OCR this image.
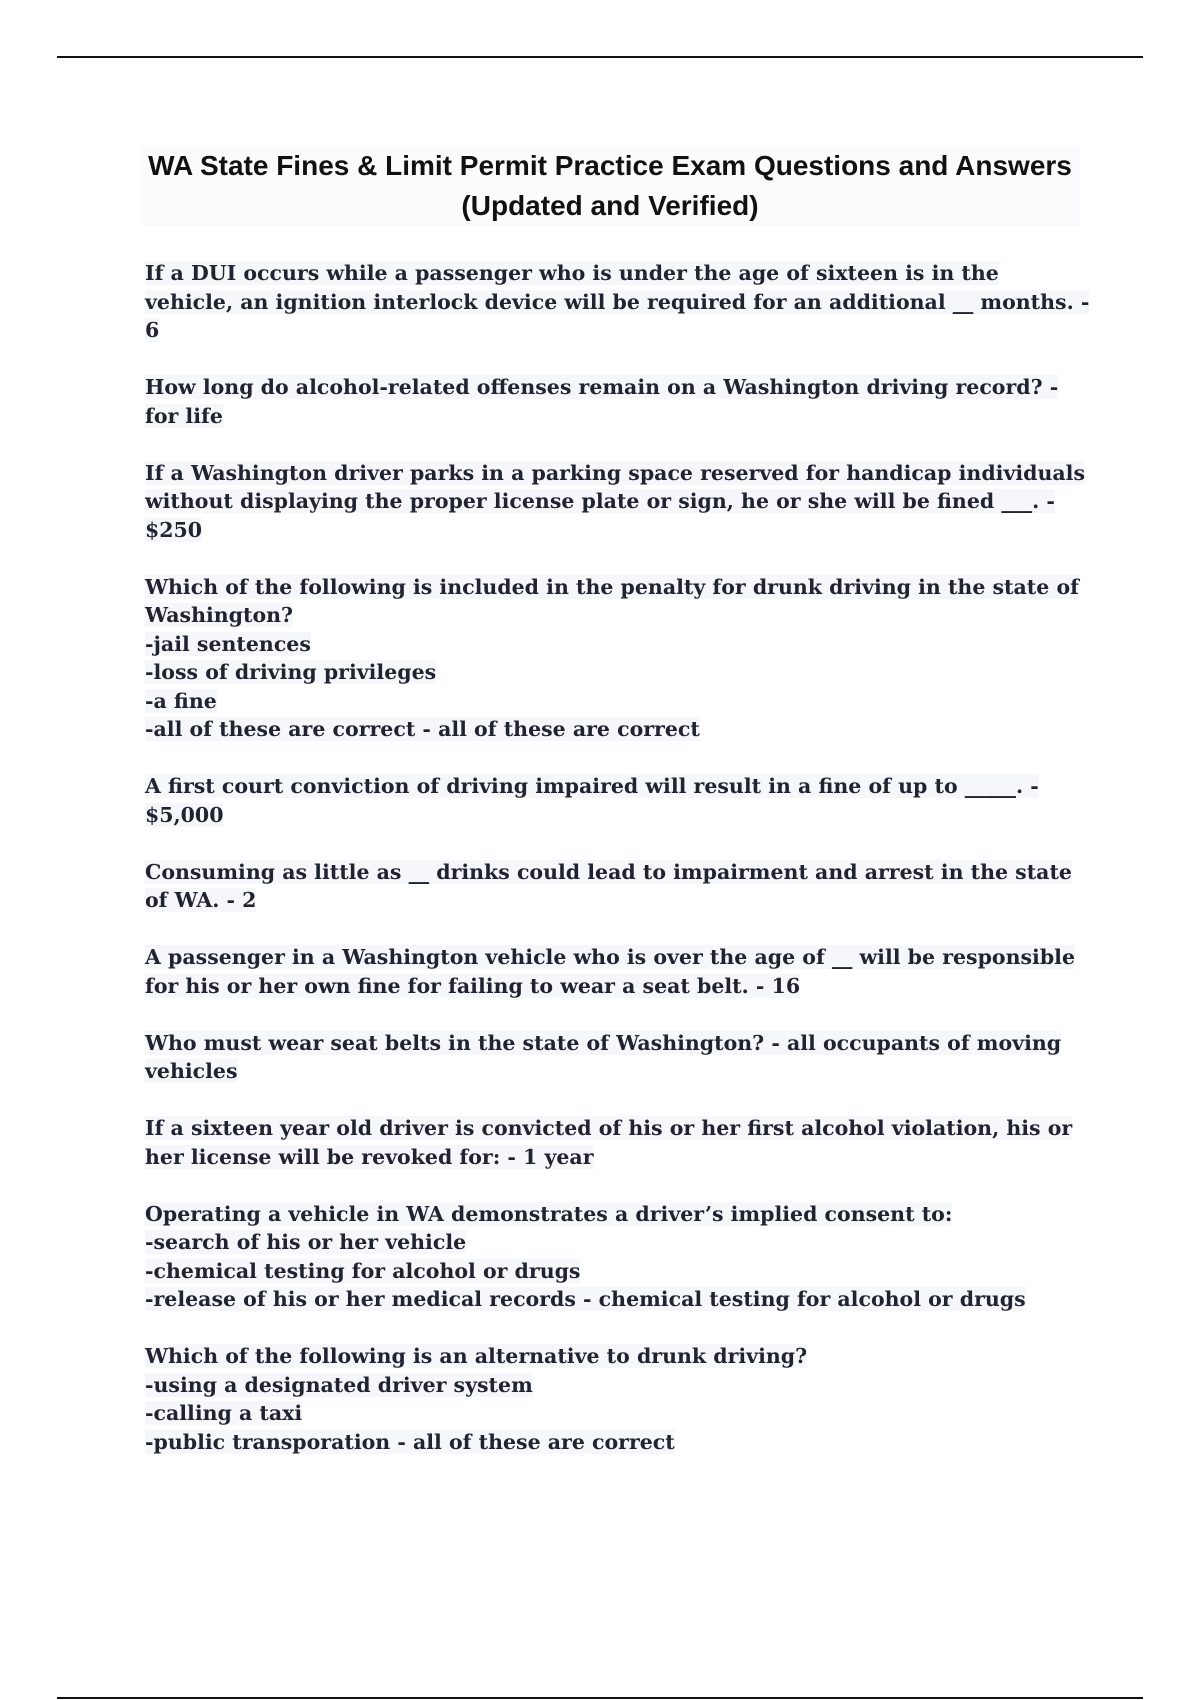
WA State Fines & Limit Permit Practice Exam Questions and Answers (Updated and Verified)
If a DUI occurs while a passenger who is under the age of sixteen is in the vehicle, an ignition interlock device will be required for an additional __ months. - 6
How long do alcohol-related offenses remain on a Washington driving record? - for life
If a Washington driver parks in a parking space reserved for handicap individuals without displaying the proper license plate or sign, he or she will be fined ___. - $250
Which of the following is included in the penalty for drunk driving in the state of Washington?
-jail sentences
-loss of driving privileges
-a fine
-all of these are correct - all of these are correct
A first court conviction of driving impaired will result in a fine of up to _____. - $5,000
Consuming as little as __ drinks could lead to impairment and arrest in the state of WA. - 2
A passenger in a Washington vehicle who is over the age of __ will be responsible for his or her own fine for failing to wear a seat belt. - 16
Who must wear seat belts in the state of Washington? - all occupants of moving vehicles
If a sixteen year old driver is convicted of his or her first alcohol violation, his or her license will be revoked for: - 1 year
Operating a vehicle in WA demonstrates a driver’s implied consent to:
-search of his or her vehicle
-chemical testing for alcohol or drugs
-release of his or her medical records - chemical testing for alcohol or drugs
Which of the following is an alternative to drunk driving?
-using a designated driver system
-calling a taxi
-public transporation - all of these are correct
